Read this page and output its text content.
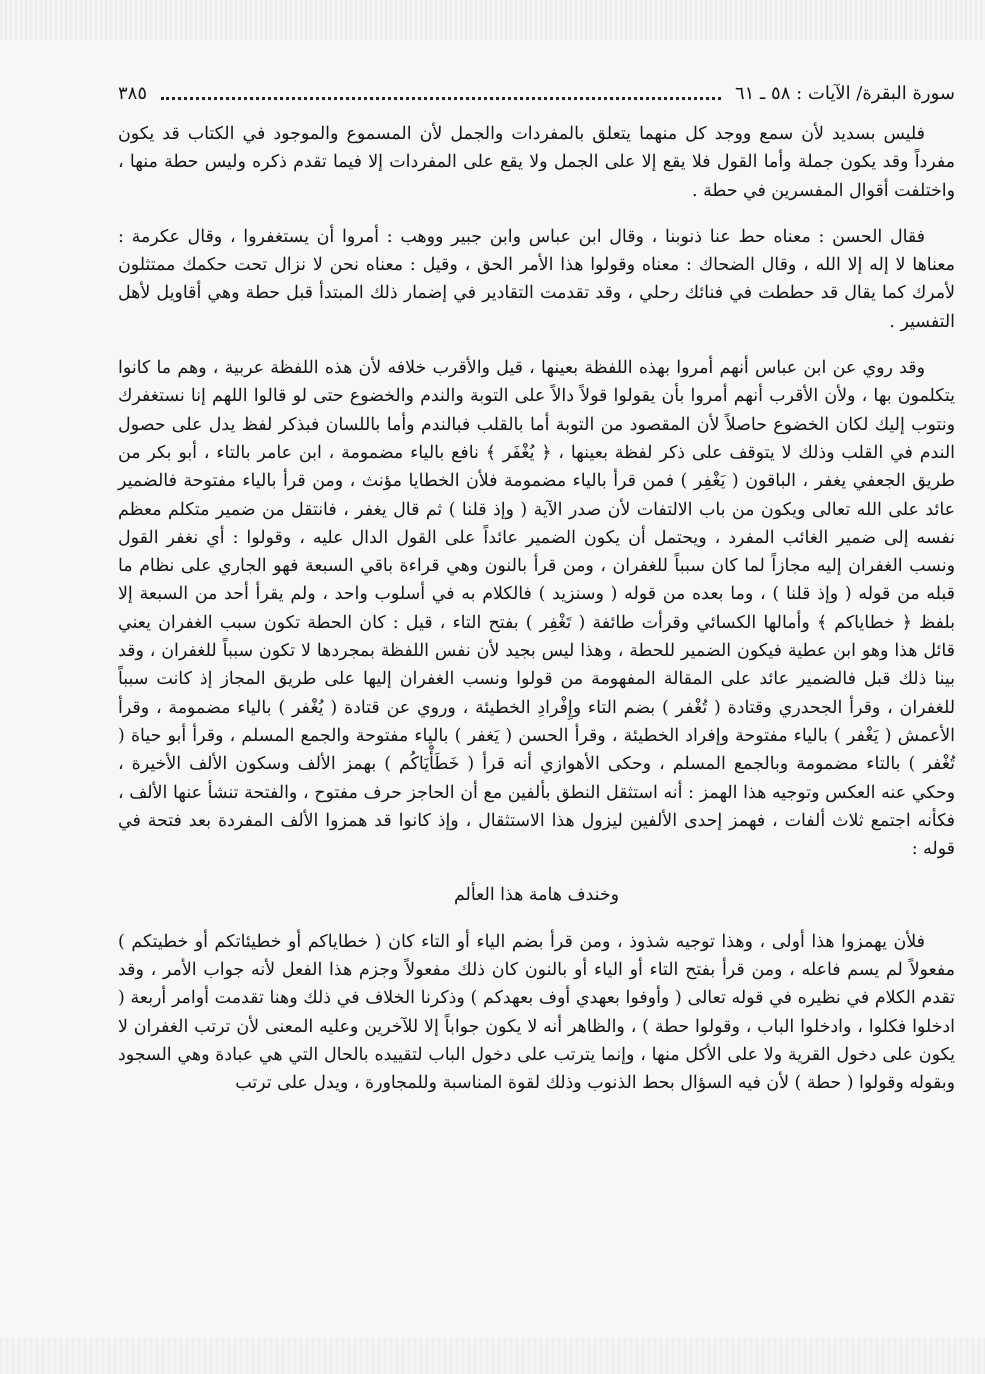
سورة البقرة/ الآيات : ٥٨ ـ ٦١
٣٨٥

فليس بسديد لأن سمع ووجد كل منهما يتعلق بالمفردات والجمل لأن المسموع والموجود في الكتاب قد يكون مفرداً وقد يكون جملة وأما القول فلا يقع إلا على الجمل ولا يقع على المفردات إلا فيما تقدم ذكره وليس حطة منها ، واختلفت أقوال المفسرين في حطة .

فقال الحسن : معناه حط عنا ذنوبنا ، وقال ابن عباس وابن جبير ووهب : أمروا أن يستغفروا ، وقال عكرمة : معناها لا إله إلا الله ، وقال الضحاك : معناه وقولوا هذا الأمر الحق ، وقيل : معناه نحن لا نزال تحت حكمك ممتثلون لأمرك كما يقال قد حططت في فنائك رحلي ، وقد تقدمت التقادير في إضمار ذلك المبتدأ قبل حطة وهي أقاويل لأهل التفسير .

وقد روي عن ابن عباس أنهم أمروا بهذه اللفظة بعينها ، قيل والأقرب خلافه لأن هذه اللفظة عربية ، وهم ما كانوا يتكلمون بها ، ولأن الأقرب أنهم أمروا بأن يقولوا قولاً دالاً على التوبة والندم والخضوع حتى لو قالوا اللهم إنا نستغفرك ونتوب إليك لكان الخضوع حاصلاً لأن المقصود من التوبة أما بالقلب فبالندم وأما باللسان فبذكر لفظ يدل على حصول الندم في القلب وذلك لا يتوقف على ذكر لفظة بعينها ، ﴿ يُغْفَر ﴾ نافع بالياء مضمومة ، ابن عامر بالتاء ، أبو بكر من طريق الجعفي يغفر ، الباقون ( يَغْفِر ) فمن قرأ بالياء مضمومة فلأن الخطايا مؤنث ، ومن قرأ بالياء مفتوحة فالضمير عائد على الله تعالى ويكون من باب الالتفات لأن صدر الآية ( وإذ قلنا ) ثم قال يغفر ، فانتقل من ضمير متكلم معظم نفسه إلى ضمير الغائب المفرد ، ويحتمل أن يكون الضمير عائداً على القول الدال عليه ، وقولوا : أي نغفر القول ونسب الغفران إليه مجازاً لما كان سبباً للغفران ، ومن قرأ بالنون وهي قراءة باقي السبعة فهو الجاري على نظام ما قبله من قوله ( وإذ قلنا ) ، وما بعده من قوله ( وسنزيد ) فالكلام به في أسلوب واحد ، ولم يقرأ أحد من السبعة إلا بلفظ ﴿ خطاياكم ﴾ وأمالها الكسائي وقرأت طائفة ( تَغْفِر ) بفتح التاء ، قيل : كان الحطة تكون سبب الغفران يعني قائل هذا وهو ابن عطية فيكون الضمير للحطة ، وهذا ليس بجيد لأن نفس اللفظة بمجردها لا تكون سبباً للغفران ، وقد بينا ذلك قبل فالضمير عائد على المقالة المفهومة من قولوا ونسب الغفران إليها على طريق المجاز إذ كانت سبباً للغفران ، وقرأ الجحدري وقتادة ( تُغْفر ) بضم التاء وإِفْرادِ الخطيئة ، وروي عن قتادة ( يُغْفر ) بالياء مضمومة ، وقرأ الأعمش ( يَغْفر ) بالياء مفتوحة وإفراد الخطيئة ، وقرأ الحسن ( يَغفر ) بالياء مفتوحة والجمع المسلم ، وقرأ أبو حياة ( تُغْفر ) بالتاء مضمومة وبالجمع المسلم ، وحكى الأهوازي أنه قرأ ( خَطَأْيَاكُم ) بهمز الألف وسكون الألف الأخيرة ، وحكي عنه العكس وتوجيه هذا الهمز : أنه استثقل النطق بألفين مع أن الحاجز حرف مفتوح ، والفتحة تنشأ عنها الألف ، فكأنه اجتمع ثلاث ألفات ، فهمز إحدى الألفين ليزول هذا الاستثقال ، وإذ كانوا قد همزوا الألف المفردة بعد فتحة في قوله :

وخندف هامة هذا العألم

فلأن يهمزوا هذا أولى ، وهذا توجيه شذوذ ، ومن قرأ بضم الياء أو التاء كان ( خطاياكم أو خطيئاتكم أو خطيتكم ) مفعولاً لم يسم فاعله ، ومن قرأ بفتح التاء أو الياء أو بالنون كان ذلك مفعولاً وجزم هذا الفعل لأنه جواب الأمر ، وقد تقدم الكلام في نظيره في قوله تعالى ( وأوفوا بعهدي أوف بعهدكم ) وذكرنا الخلاف في ذلك وهنا تقدمت أوامر أربعة ( ادخلوا فكلوا ، وادخلوا الباب ، وقولوا حطة ) ، والظاهر أنه لا يكون جواباً إلا للآخرين وعليه المعنى لأن ترتب الغفران لا يكون على دخول القرية ولا على الأكل منها ، وإنما يترتب على دخول الباب لتقييده بالحال التي هي عبادة وهي السجود وبقوله وقولوا ( حطة ) لأن فيه السؤال بحط الذنوب وذلك لقوة المناسبة وللمجاورة ، ويدل على ترتب
